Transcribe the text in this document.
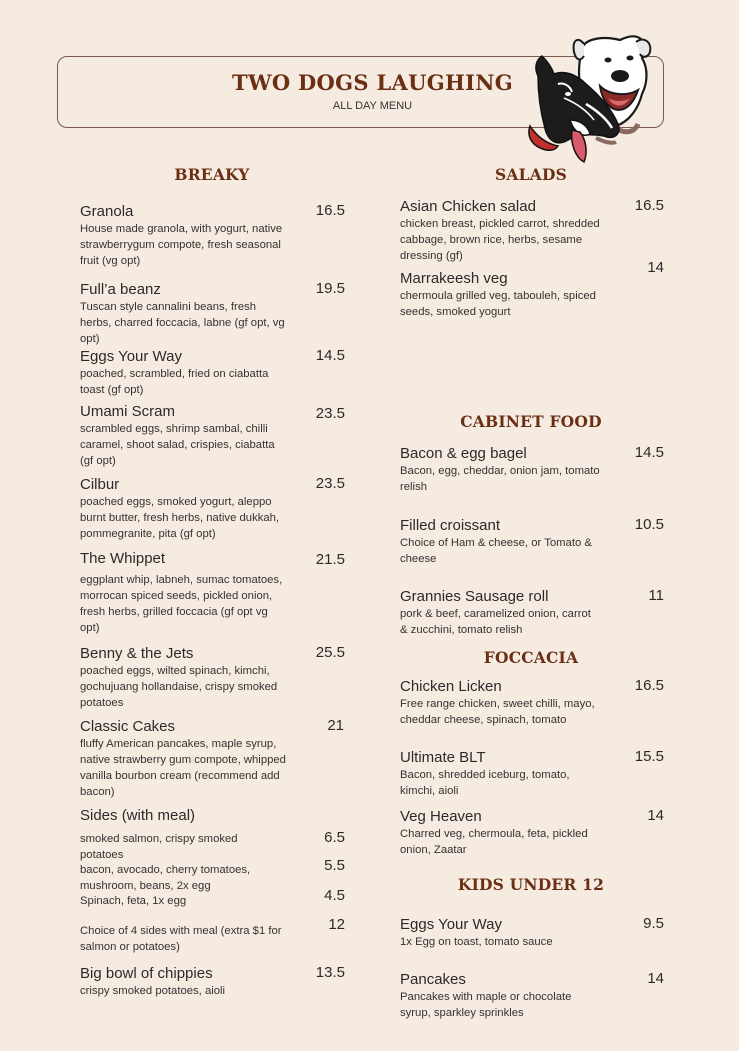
TWO DOGS LAUGHING
ALL DAY MENU
BREAKY	SALADS
CABINET FOOD
FOCCACIA
KIDS UNDER 12
Granola
House made granola, with yogurt, native strawberrygum compote, fresh seasonal fruit (vg opt)
16.5
Full’a beanz
Tuscan style cannalini beans, fresh herbs, charred foccacia, labne (gf opt, vg opt)
19.5
Eggs Your Way
poached, scrambled, fried on ciabatta toast (gf opt)
14.5
Umami Scram
scrambled eggs, shrimp sambal, chilli caramel, shoot salad, crispies, ciabatta (gf opt)
23.5
Cilbur
poached eggs, smoked yogurt, aleppo burnt butter, fresh herbs, native dukkah, pommegranite, pita (gf opt)
23.5
The Whippet
eggplant whip, labneh, sumac tomatoes, morrocan spiced seeds, pickled onion, fresh herbs, grilled foccacia (gf opt vg opt)
21.5
Benny & the Jets
poached eggs, wilted spinach, kimchi, gochujuang hollandaise, crispy smoked potatoes
25.5
Classic Cakes
fluffy American pancakes, maple syrup, native strawberry gum compote, whipped vanilla bourbon cream (recommend add bacon)
21
Sides (with meal)
smoked salmon, crispy smoked potatoes
6.5
bacon, avocado, cherry tomatoes, mushroom, beans, 2x egg
5.5
Spinach, feta, 1x egg	4.5
Choice of 4 sides with meal (extra $1 for salmon or potatoes)
12
Big bowl of chippies
crispy smoked potatoes, aioli
13.5
Asian Chicken salad
chicken breast, pickled carrot, shredded cabbage, brown rice, herbs, sesame dressing (gf)
16.5
Marrakeesh veg
chermoula grilled veg, tabouleh, spiced seeds, smoked yogurt
14
Bacon & egg bagel
Bacon, egg, cheddar, onion jam, tomato relish
14.5
Filled croissant
Choice of Ham & cheese, or Tomato & cheese
10.5
Grannies Sausage roll
pork & beef, caramelized onion, carrot & zucchini, tomato relish
11
Chicken Licken
Free range chicken, sweet chilli, mayo, cheddar cheese, spinach, tomato
16.5
Ultimate BLT
Bacon, shredded iceburg, tomato, kimchi, aioli
15.5
Veg Heaven
Charred veg, chermoula, feta, pickled onion, Zaatar
14
Eggs Your Way
1x Egg on toast, tomato sauce
9.5
Pancakes
Pancakes with maple or chocolate syrup, sparkley sprinkles
14
